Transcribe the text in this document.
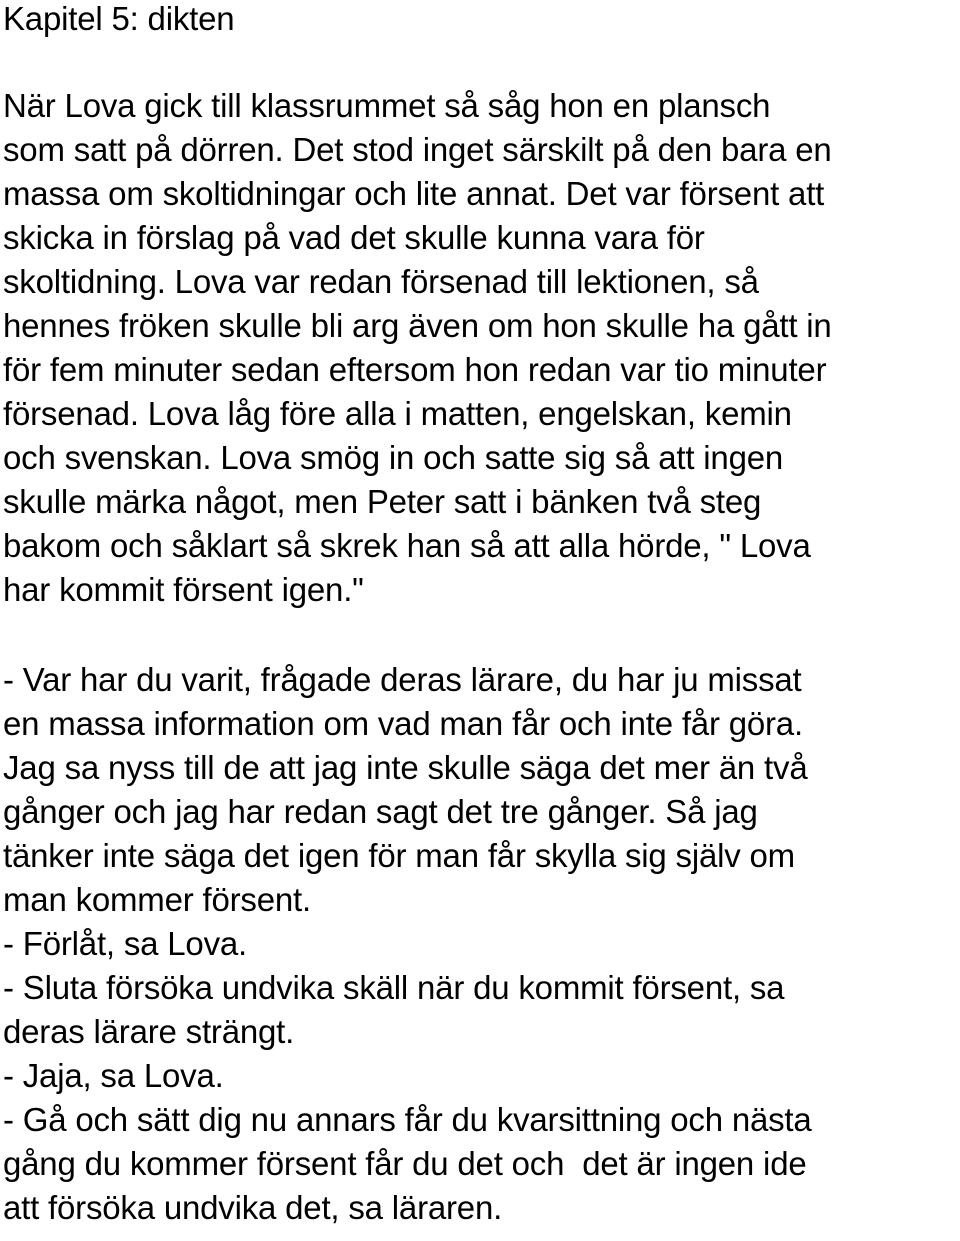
Kapitel 5: dikten
När Lova gick till klassrummet så såg hon en plansch
som satt på dörren. Det stod inget särskilt på den bara en
massa om skoltidningar och lite annat. Det var försent att
skicka in förslag på vad det skulle kunna vara för
skoltidning. Lova var redan försenad till lektionen, så
hennes fröken skulle bli arg även om hon skulle ha gått in
för fem minuter sedan eftersom hon redan var tio minuter
försenad. Lova låg före alla i matten, engelskan, kemin
och svenskan. Lova smög in och satte sig så att ingen
skulle märka något, men Peter satt i bänken två steg
bakom och såklart så skrek han så att alla hörde, " Lova
har kommit försent igen."
- Var har du varit, frågade deras lärare, du har ju missat
en massa information om vad man får och inte får göra.
Jag sa nyss till de att jag inte skulle säga det mer än två
gånger och jag har redan sagt det tre gånger. Så jag
tänker inte säga det igen för man får skylla sig själv om
man kommer försent.
- Förlåt, sa Lova.
- Sluta försöka undvika skäll när du kommit försent, sa
deras lärare strängt.
- Jaja, sa Lova.
- Gå och sätt dig nu annars får du kvarsittning och nästa
gång du kommer försent får du det och  det är ingen ide
att försöka undvika det, sa läraren.
